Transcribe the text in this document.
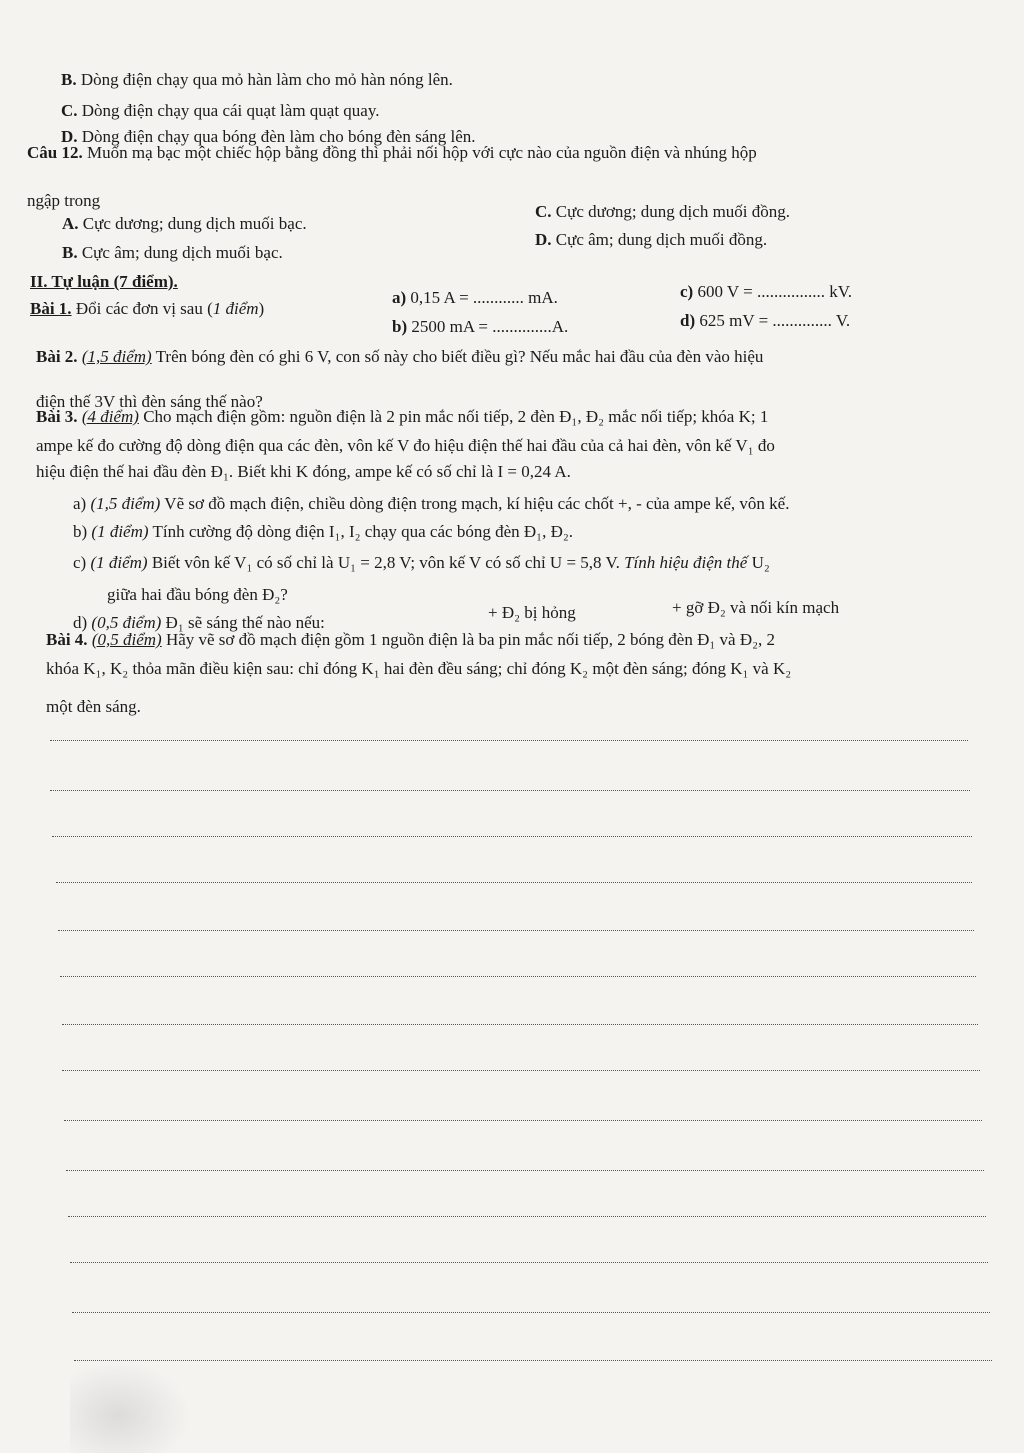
B. Dòng điện chạy qua mỏ hàn làm cho mỏ hàn nóng lên.
C. Dòng điện chạy qua cái quạt làm quạt quay.
D. Dòng điện chạy qua bóng đèn làm cho bóng đèn sáng lên.
Câu 12. Muốn mạ bạc một chiếc hộp bằng đồng thì phải nối hộp với cực nào của nguồn điện và nhúng hộp
ngập trong
A. Cực dương; dung dịch muối bạc.
C. Cực dương; dung dịch muối đồng.
B. Cực âm; dung dịch muối bạc.
D. Cực âm; dung dịch muối đồng.
II. Tự luận (7 điểm).
Bài 1. Đổi các đơn vị sau (1 điểm)
a) 0,15 A = ............ mA.	c) 600 V = ................ kV.
b) 2500 mA = ..............A.	d) 625 mV = .............. V.
Bài 2. (1,5 điểm) Trên bóng đèn có ghi 6 V, con số này cho biết điều gì? Nếu mắc hai đầu của đèn vào hiệu
điện thế 3V thì đèn sáng thế nào?
Bài 3. (4 điểm) Cho mạch điện gồm: nguồn điện là 2 pin mắc nối tiếp, 2 đèn Đ₁, Đ₂ mắc nối tiếp; khóa K; 1
ampe kế đo cường độ dòng điện qua các đèn, vôn kế V đo hiệu điện thế hai đầu của cả hai đèn, vôn kế V₁ đo
hiệu điện thế hai đầu đèn Đ₁. Biết khi K đóng, ampe kế có số chỉ là I = 0,24 A.
a) (1,5 điểm) Vẽ sơ đồ mạch điện, chiều dòng điện trong mạch, kí hiệu các chốt +, - của ampe kế, vôn kế.
b) (1 điểm) Tính cường độ dòng điện I₁, I₂ chạy qua các bóng đèn Đ₁, Đ₂.
c) (1 điểm) Biết vôn kế V₁ có số chỉ là U₁ = 2,8 V; vôn kế V có số chỉ U = 5,8 V. Tính hiệu điện thế U₂
giữa hai đầu bóng đèn Đ₂?
d) (0,5 điểm) Đ₁ sẽ sáng thế nào nếu:
+ Đ₂ bị hỏng	+ gỡ Đ₂ và nối kín mạch
Bài 4. (0,5 điểm) Hãy vẽ sơ đồ mạch điện gồm 1 nguồn điện là ba pin mắc nối tiếp, 2 bóng đèn Đ₁ và Đ₂, 2
khóa K₁, K₂ thỏa mãn điều kiện sau: chỉ đóng K₁ hai đèn đều sáng; chỉ đóng K₂ một đèn sáng; đóng K₁ và K₂
một đèn sáng.
